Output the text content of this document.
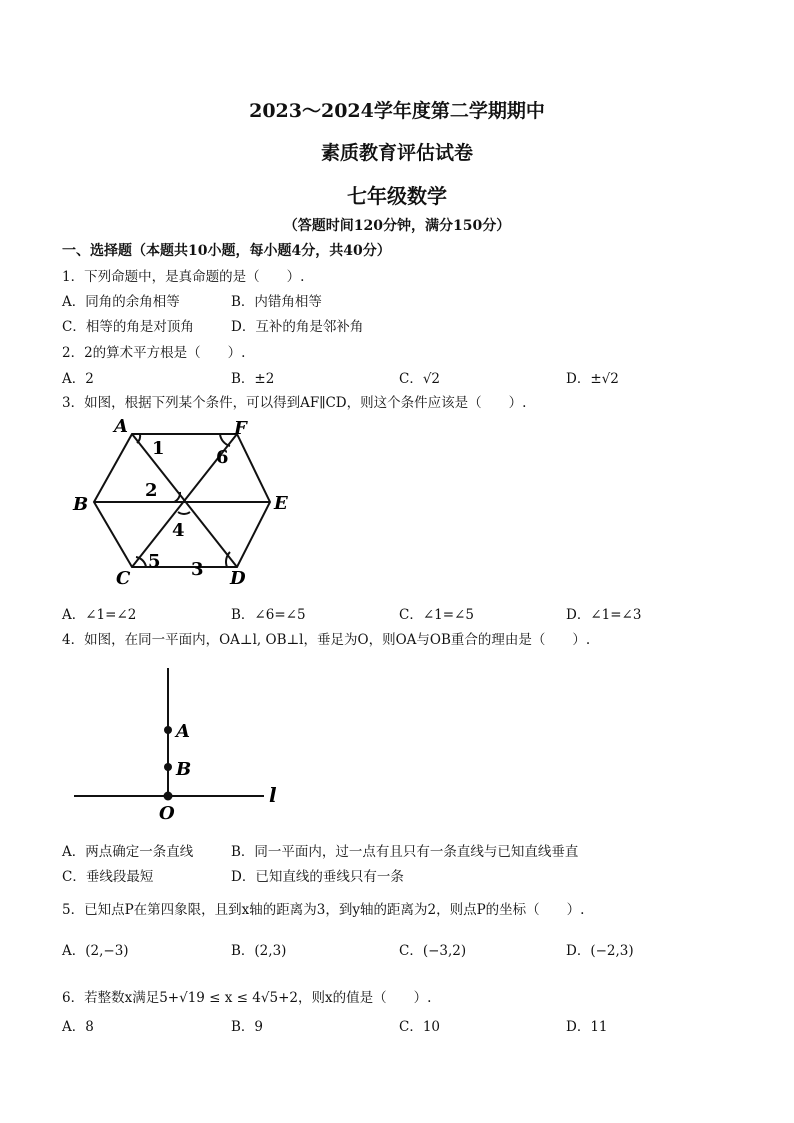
2023～2024学年度第二学期期中
素质教育评估试卷
七年级数学
（答题时间120分钟，满分150分）
一、选择题（本题共10小题，每小题4分，共40分）
1．下列命题中，是真命题的是（　　）.
A．同角的余角相等	B．内错角相等
C．相等的角是对顶角	D．互补的角是邻补角
2．2的算术平方根是（　　）.
A．2	B．±2	C．√2	D．±√2
3．如图，根据下列某个条件，可以得到AF∥CD，则这个条件应该是（　　）.
A	F
B	E
C	D
1
2
3
4
5
6
A．∠1=∠2	B．∠6=∠5	C．∠1=∠5	D．∠1=∠3
4．如图，在同一平面内，OA⊥l, OB⊥l，垂足为O，则OA与OB重合的理由是（　　）.
A
B
O
l
A．两点确定一条直线	B．同一平面内，过一点有且只有一条直线与已知直线垂直
C．垂线段最短	D．已知直线的垂线只有一条
5．已知点P在第四象限，且到x轴的距离为3，到y轴的距离为2，则点P的坐标（　　）.
A．(2,−3)	B．(2,3)	C．(−3,2)	D．(−2,3)
6．若整数x满足5+√19 ≤ x ≤ 4√5+2，则x的值是（　　）.
A．8	B．9	C．10	D．11
